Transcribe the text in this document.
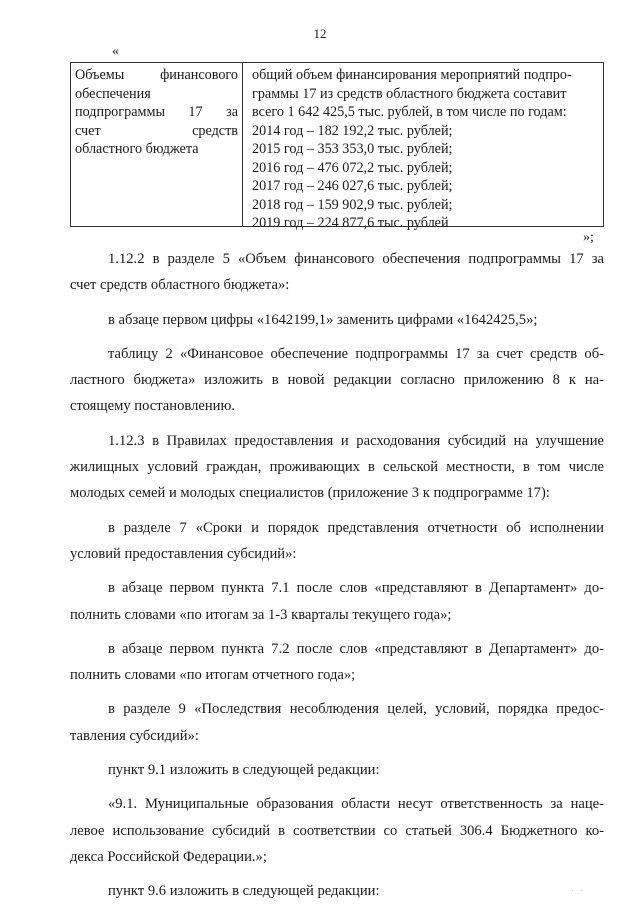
12
«
Объемы финансового
обеспечения
подпрограммы 17 за
счет средств
областного бюджета
общий объем финансирования мероприятий подпро-
граммы 17 из средств областного бюджета составит
всего 1 642 425,5 тыс. рублей, в том числе по годам:
2014 год – 182 192,2 тыс. рублей;
2015 год – 353 353,0 тыс. рублей;
2016 год – 476 072,2 тыс. рублей;
2017 год – 246 027,6 тыс. рублей;
2018 год – 159 902,9 тыс. рублей;
2019 год – 224 877,6 тыс. рублей
»;
1.12.2 в разделе 5 «Объем финансового обеспечения подпрограммы 17 за
счет средств областного бюджета»:
в абзаце первом цифры «1642199,1» заменить цифрами «1642425,5»;
таблицу 2 «Финансовое обеспечение подпрограммы 17 за счет средств об-
ластного бюджета» изложить в новой редакции согласно приложению 8 к на-
стоящему постановлению.
1.12.3 в Правилах предоставления и расходования субсидий на улучшение
жилищных условий граждан, проживающих в сельской местности, в том числе
молодых семей и молодых специалистов (приложение 3 к подпрограмме 17):
в разделе 7 «Сроки и порядок представления отчетности об исполнении
условий предоставления субсидий»:
в абзаце первом пункта 7.1 после слов «представляют в Департамент» до-
полнить словами «по итогам за 1-3 кварталы текущего года»;
в абзаце первом пункта 7.2 после слов «представляют в Департамент» до-
полнить словами «по итогам отчетного года»;
в разделе 9 «Последствия несоблюдения целей, условий, порядка предос-
тавления субсидий»:
пункт 9.1 изложить в следующей редакции:
«9.1. Муниципальные образования области несут ответственность за наце-
левое использование субсидий в соответствии со статьей 306.4 Бюджетного ко-
декса Российской Федерации.»;
пункт 9.6 изложить в следующей редакции:	. .
